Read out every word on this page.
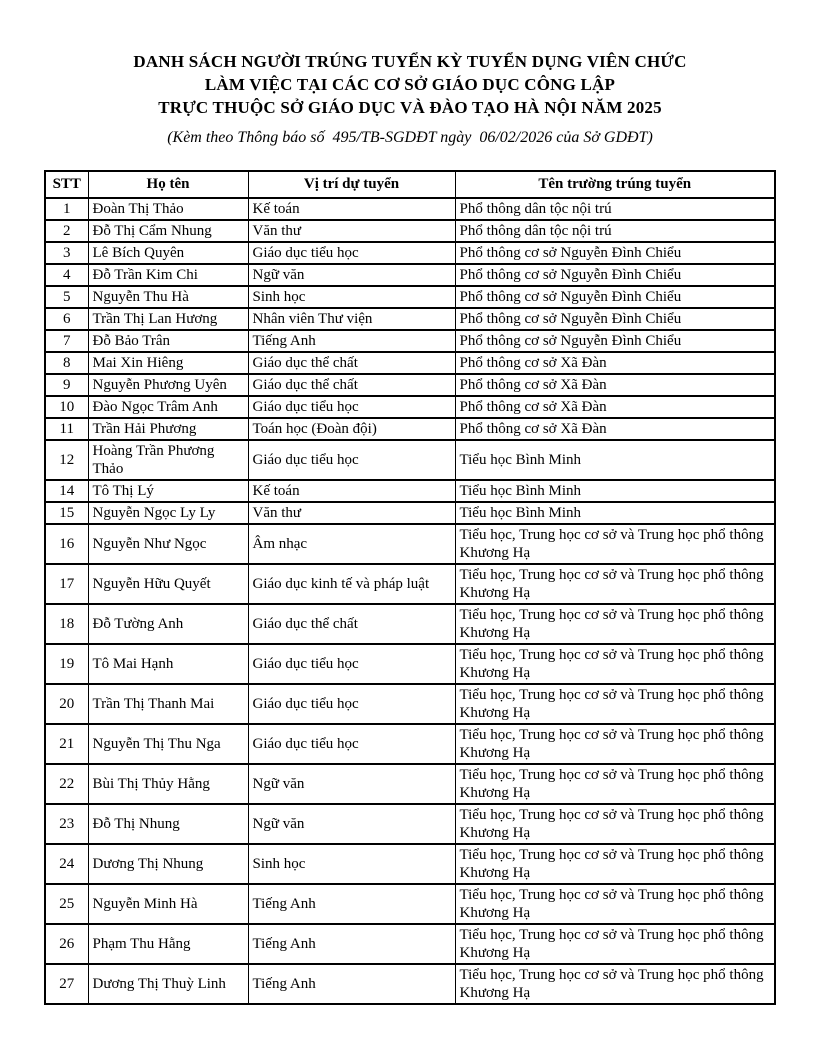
DANH SÁCH NGƯỜI TRÚNG TUYỂN KỲ TUYỂN DỤNG VIÊN CHỨC
LÀM VIỆC TẠI CÁC CƠ SỞ GIÁO DỤC CÔNG LẬP
TRỰC THUỘC SỞ GIÁO DỤC VÀ ĐÀO TẠO HÀ NỘI NĂM 2025
(Kèm theo Thông báo số  495/TB-SGDĐT ngày  06/02/2026 của Sở GDĐT)
STT	Họ tên	Vị trí dự tuyển	Tên trường trúng tuyển
1	Đoàn Thị Thảo	Kế toán	Phổ thông dân tộc nội trú
2	Đỗ Thị Cẩm Nhung	Văn thư	Phổ thông dân tộc nội trú
3	Lê Bích Quyên	Giáo dục tiểu học	Phổ thông cơ sở Nguyễn Đình Chiểu
4	Đỗ Trần Kim Chi	Ngữ văn	Phổ thông cơ sở Nguyễn Đình Chiểu
5	Nguyễn Thu Hà	Sinh học	Phổ thông cơ sở Nguyễn Đình Chiểu
6	Trần Thị Lan Hương	Nhân viên Thư viện	Phổ thông cơ sở Nguyễn Đình Chiểu
7	Đỗ Bảo Trân	Tiếng Anh	Phổ thông cơ sở Nguyễn Đình Chiểu
8	Mai Xin Hiêng	Giáo dục thể chất	Phổ thông cơ sở Xã Đàn
9	Nguyễn Phương Uyên	Giáo dục thể chất	Phổ thông cơ sở Xã Đàn
10	Đào Ngọc Trâm Anh	Giáo dục tiểu học	Phổ thông cơ sở Xã Đàn
11	Trần Hải Phương	Toán học (Đoàn đội)	Phổ thông cơ sở Xã Đàn
12	Hoàng Trần Phương Thảo	Giáo dục tiểu học	Tiểu học Bình Minh
14	Tô Thị Lý	Kế toán	Tiểu học Bình Minh
15	Nguyễn Ngọc Ly Ly	Văn thư	Tiểu học Bình Minh
16	Nguyễn Như Ngọc	Âm nhạc	Tiểu học, Trung học cơ sở và Trung học phổ thông Khương Hạ
17	Nguyễn Hữu Quyết	Giáo dục kinh tế và pháp luật	Tiểu học, Trung học cơ sở và Trung học phổ thông Khương Hạ
18	Đỗ Tường Anh	Giáo dục thể chất	Tiểu học, Trung học cơ sở và Trung học phổ thông Khương Hạ
19	Tô Mai Hạnh	Giáo dục tiểu học	Tiểu học, Trung học cơ sở và Trung học phổ thông Khương Hạ
20	Trần Thị Thanh Mai	Giáo dục tiểu học	Tiểu học, Trung học cơ sở và Trung học phổ thông Khương Hạ
21	Nguyễn Thị Thu Nga	Giáo dục tiểu học	Tiểu học, Trung học cơ sở và Trung học phổ thông Khương Hạ
22	Bùi Thị Thủy Hằng	Ngữ văn	Tiểu học, Trung học cơ sở và Trung học phổ thông Khương Hạ
23	Đỗ Thị Nhung	Ngữ văn	Tiểu học, Trung học cơ sở và Trung học phổ thông Khương Hạ
24	Dương Thị Nhung	Sinh học	Tiểu học, Trung học cơ sở và Trung học phổ thông Khương Hạ
25	Nguyễn Minh Hà	Tiếng Anh	Tiểu học, Trung học cơ sở và Trung học phổ thông Khương Hạ
26	Phạm Thu Hằng	Tiếng Anh	Tiểu học, Trung học cơ sở và Trung học phổ thông Khương Hạ
27	Dương Thị Thuỳ Linh	Tiếng Anh	Tiểu học, Trung học cơ sở và Trung học phổ thông Khương Hạ
